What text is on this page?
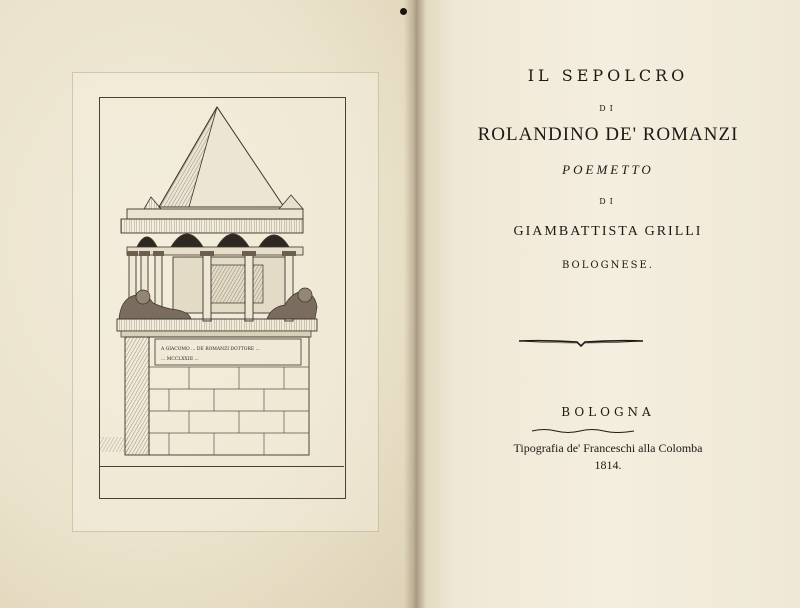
A GIACOMO ... DE ROMANZI DOTTORE ...
... MCCLXXIII ...
IL SEPOLCRO
DI
ROLANDINO DE' ROMANZI
POEMETTO
DI
GIAMBATTISTA GRILLI
BOLOGNESE.
BOLOGNA
Tipografia de' Franceschi alla Colomba
1814.
